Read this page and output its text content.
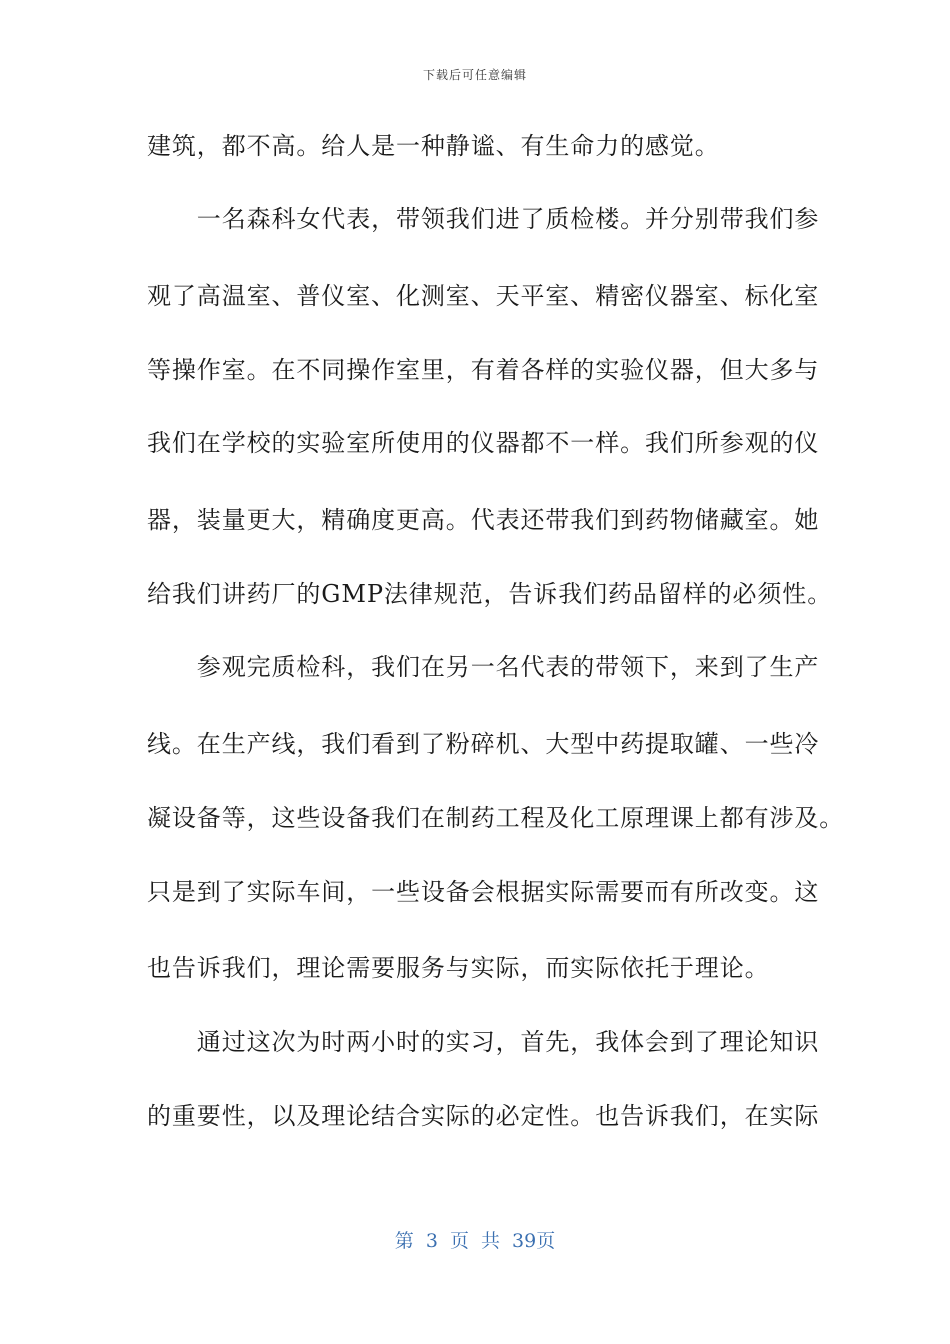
下载后可任意编辑
建筑，都不高。给人是一种静谧、有生命力的感觉。
　　一名森科女代表，带领我们进了质检楼。并分别带我们参
观了高温室、普仪室、化测室、天平室、精密仪器室、标化室
等操作室。在不同操作室里，有着各样的实验仪器，但大多与
我们在学校的实验室所使用的仪器都不一样。我们所参观的仪
器，装量更大，精确度更高。代表还带我们到药物储藏室。她
给我们讲药厂的GMP法律规范，告诉我们药品留样的必须性。
　　参观完质检科，我们在另一名代表的带领下，来到了生产
线。在生产线，我们看到了粉碎机、大型中药提取罐、一些冷
凝设备等，这些设备我们在制药工程及化工原理课上都有涉及。
只是到了实际车间，一些设备会根据实际需要而有所改变。这
也告诉我们，理论需要服务与实际，而实际依托于理论。
　　通过这次为时两小时的实习，首先，我体会到了理论知识
的重要性，以及理论结合实际的必定性。也告诉我们，在实际
第 3 页 共 39页
